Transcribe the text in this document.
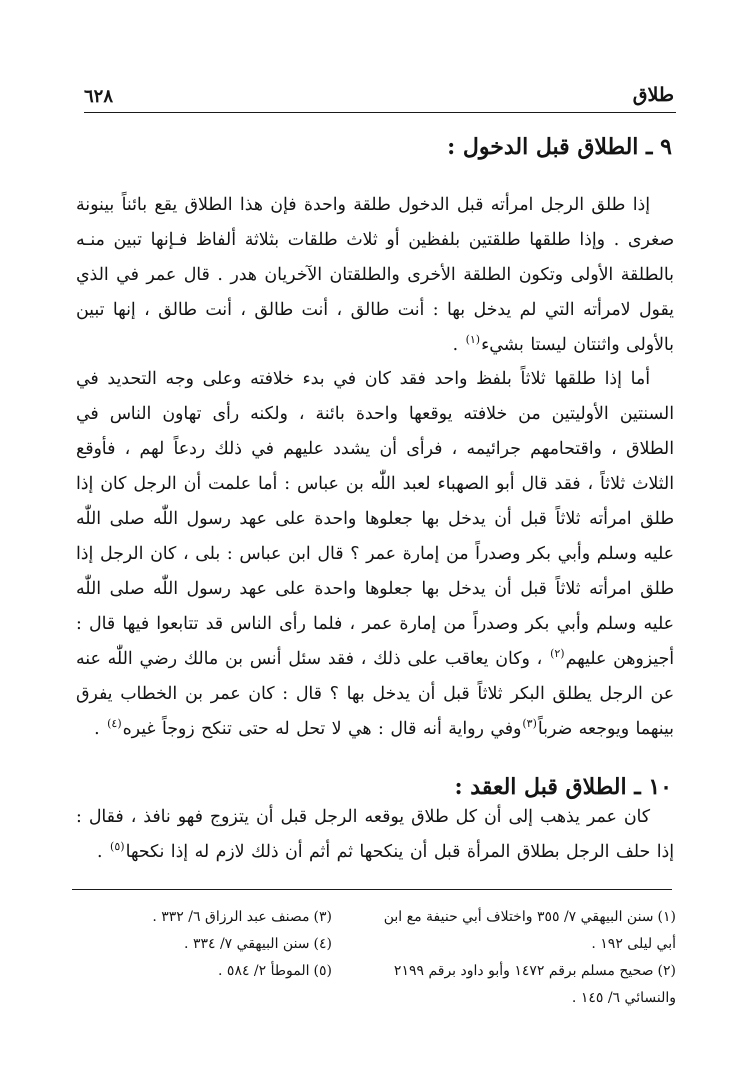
طلاق
٦٢٨
٩ ـ الطلاق قبل الدخول :

إذا طلق الرجل امرأته قبل الدخول طلقة واحدة فإن هذا الطلاق يقع بائناً بينونة صغرى . وإذا طلقها طلقتين بلفظين أو ثلاث طلقات بثلاثة ألفاظ فـإنها تبين منـه بالطلقة الأولى وتكون الطلقة الأخرى والطلقتان الآخريان هدر . قال عمر في الذي يقول لامرأته التي لم يدخل بها : أنت طالق ، أنت طالق ، أنت طالق ، إنها تبين بالأولى واثنتان ليستا بشيء$^{(١)}$ .

أما إذا طلقها ثلاثاً بلفظ واحد فقد كان في بدء خلافته وعلى وجه التحديد في السنتين الأوليتين من خلافته يوقعها واحدة بائنة ، ولكنه رأى تهاون الناس في الطلاق ، واقتحامهم جرائيمه ، فرأى أن يشدد عليهم في ذلك ردعاً لهم ، فأوقع الثلاث ثلاثاً ، فقد قال أبو الصهباء لعبد اللّٰه بن عباس : أما علمت أن الرجل كان إذا طلق امرأته ثلاثاً قبل أن يدخل بها جعلوها واحدة على عهد رسول اللّٰه صلى اللّٰه عليه وسلم وأبي بكر وصدراً من إمارة عمر ؟ قال ابن عباس : بلى ، كان الرجل إذا طلق امرأته ثلاثاً قبل أن يدخل بها جعلوها واحدة على عهد رسول اللّٰه صلى اللّٰه عليه وسلم وأبي بكر وصدراً من إمارة عمر ، فلما رأى الناس قد تتابعوا فيها قال : أجيزوهن عليهم$^{(٢)}$ ، وكان يعاقب على ذلك ، فقد سئل أنس بن مالك رضي اللّٰه عنه عن الرجل يطلق البكر ثلاثاً قبل أن يدخل بها ؟ قال : كان عمر بن الخطاب يفرق بينهما ويوجعه ضرباً$^{(٣)}$وفي رواية أنه قال : هي لا تحل له حتى تنكح زوجاً غيره$^{(٤)}$ .

١٠ ـ الطلاق قبل العقد :

كان عمر يذهب إلى أن كل طلاق يوقعه الرجل قبل أن يتزوج فهو نافذ ، فقال : إذا حلف الرجل بطلاق المرأة قبل أن ينكحها ثم أثم أن ذلك لازم له إذا نكحها$^{(٥)}$ .

(١)سنن البيهقي ٧/ ٣٥٥ واختلاف أبي حنيفة مع ابن أبي ليلى ١٩٢ .

(٢)صحيح مسلم برقم ١٤٧٢ وأبو داود برقم ٢١٩٩ والنسائي ٦/ ١٤٥ .

(٣)مصنف عبد الرزاق ٦/ ٣٣٢ .

(٤)سنن البيهقي ٧/ ٣٣٤ .

(٥)الموطأ ٢/ ٥٨٤ .
